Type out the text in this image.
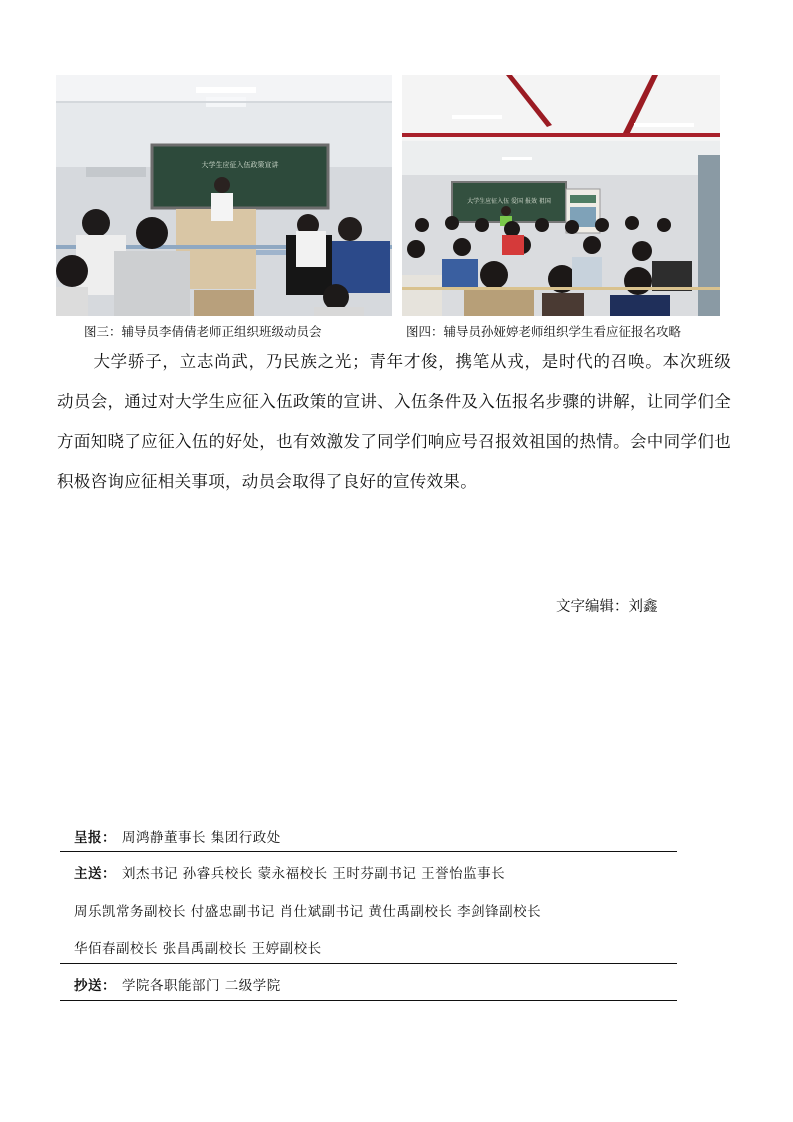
大学生应征入伍政策宣讲
大学生应征入伍 爱国 报效 祖国
图三：辅导员李倩倩老师正组织班级动员会	图四：辅导员孙娅婷老师组织学生看应征报名攻略
大学骄子，立志尚武，乃民族之光；青年才俊，携笔从戎，是时代的召唤。本次班级动员会，通过对大学生应征入伍政策的宣讲、入伍条件及入伍报名步骤的讲解，让同学们全方面知晓了应征入伍的好处，也有效激发了同学们响应号召报效祖国的热情。会中同学们也积极咨询应征相关事项，动员会取得了良好的宣传效果。
文字编辑：刘鑫
呈报： 周鸿静董事长 集团行政处
主送： 刘杰书记 孙睿兵校长 蒙永福校长 王时芬副书记 王誉怡监事长
周乐凯常务副校长 付盛忠副书记 肖仕斌副书记 黄仕禹副校长 李剑锋副校长
华佰春副校长 张昌禹副校长 王婷副校长
抄送： 学院各职能部门 二级学院
